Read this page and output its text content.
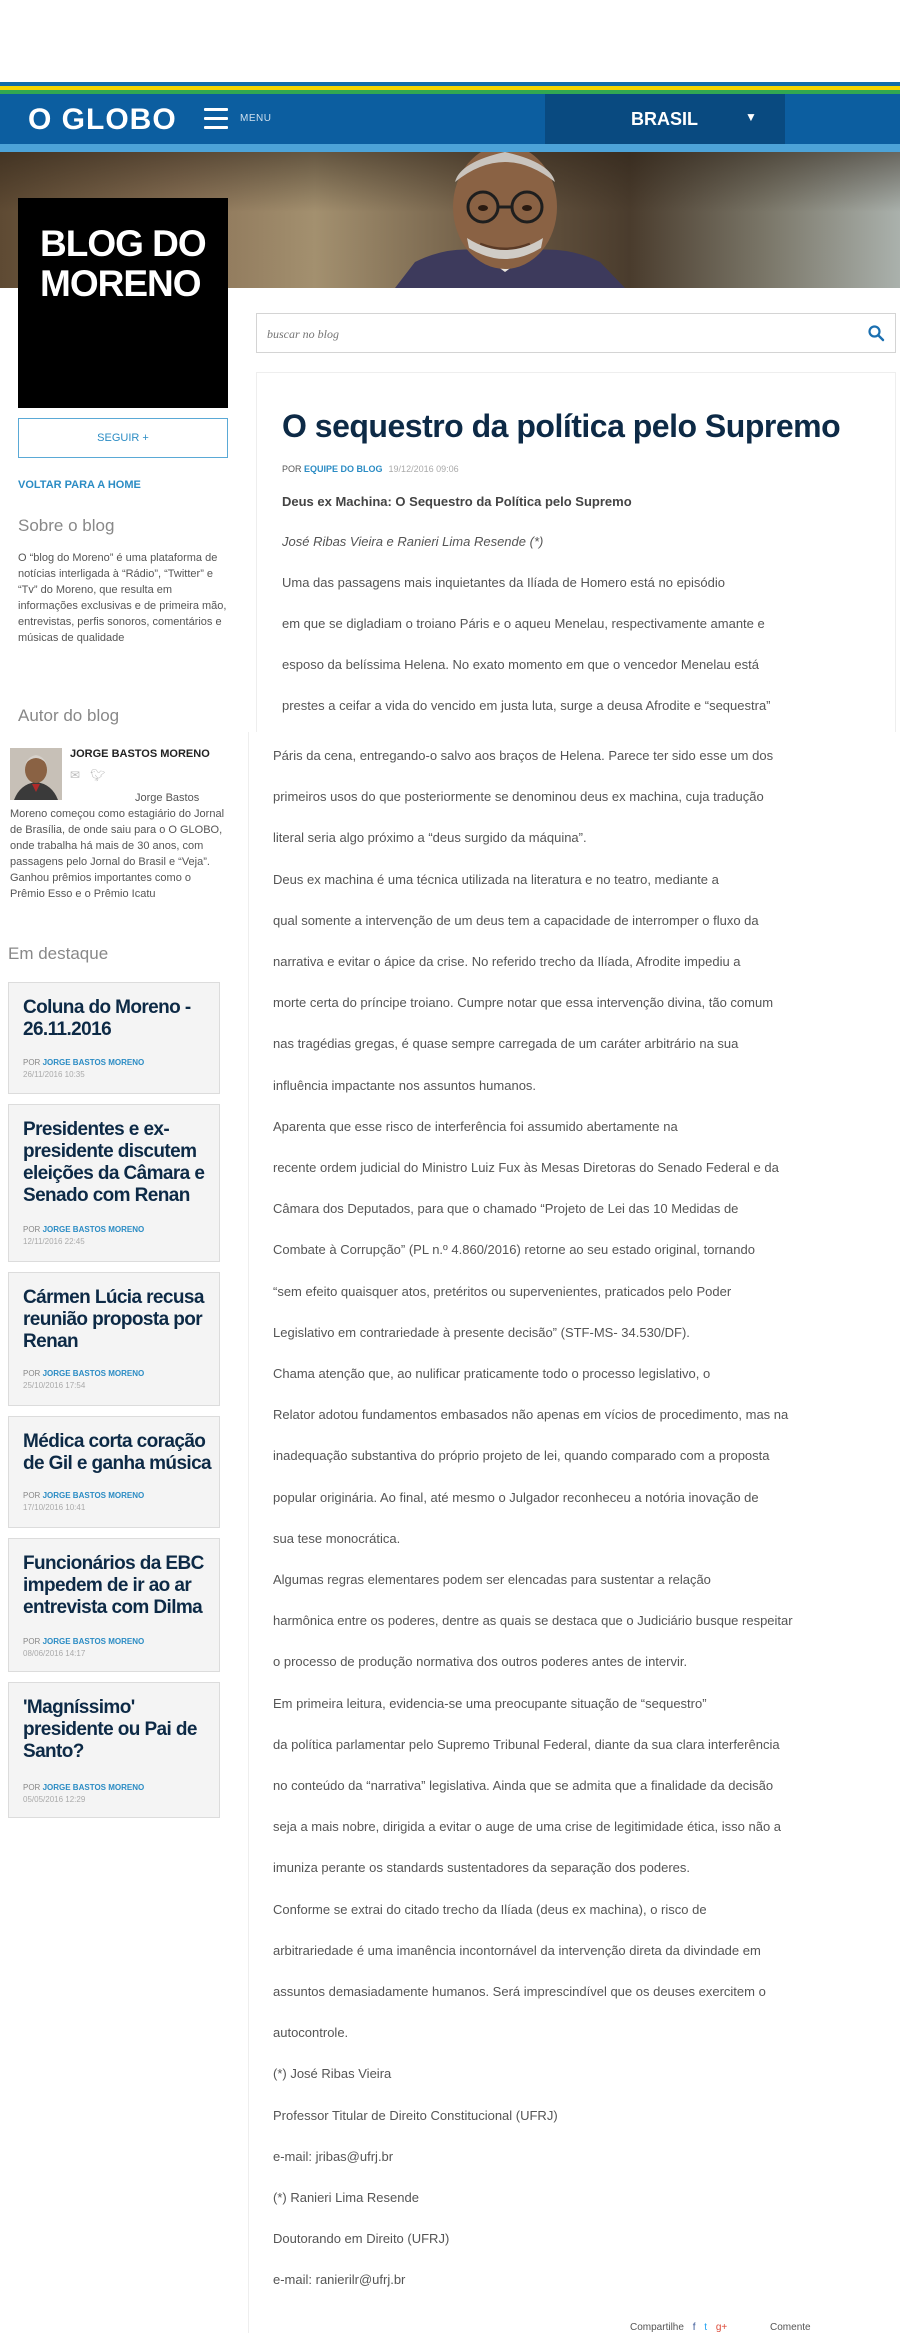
O GLOBO	MENU	BRASIL	▼
BLOG DO
MORENO
buscar no blog
SEGUIR +
VOLTAR PARA A HOME
Sobre o blog
O “blog do Moreno” é uma plataforma de notícias interligada à “Rádio”, “Twitter” e “Tv” do Moreno, que resulta em informações exclusivas e de primeira mão, entrevistas, perfis sonoros, comentários e músicas de qualidade
Autor do blog
JORGE BASTOS MORENO
✉ 🐦︎
Jorge Bastos Moreno começou como estagiário do Jornal de Brasília, de onde saiu para o O GLOBO, onde trabalha há mais de 30 anos, com passagens pelo Jornal do Brasil e “Veja”. Ganhou prêmios importantes como o Prêmio Esso e o Prêmio Icatu
Em destaque
Coluna do Moreno - 26.11.2016
POR JORGE BASTOS MORENO
26/11/2016 10:35
Presidentes e ex-presidente discutem eleições da Câmara e Senado com Renan
POR JORGE BASTOS MORENO
12/11/2016 22:45
Cármen Lúcia recusa reunião proposta por Renan
POR JORGE BASTOS MORENO
25/10/2016 17:54
Médica corta coração de Gil e ganha música
POR JORGE BASTOS MORENO
17/10/2016 10:41
Funcionários da EBC impedem de ir ao ar entrevista com Dilma
POR JORGE BASTOS MORENO
08/06/2016 14:17
'Magníssimo' presidente ou Pai de Santo?
POR JORGE BASTOS MORENO
05/05/2016 12:29
O sequestro da política pelo Supremo
POR EQUIPE DO BLOG 19/12/2016 09:06
Deus ex Machina: O Sequestro da Política pelo Supremo
José Ribas Vieira e Ranieri Lima Resende (*)
Uma das passagens mais inquietantes da Ilíada de Homero está no episódio
em que se digladiam o troiano Páris e o aqueu Menelau, respectivamente amante e
esposo da belíssima Helena. No exato momento em que o vencedor Menelau está
prestes a ceifar a vida do vencido em justa luta, surge a deusa Afrodite e “sequestra”
Páris da cena, entregando-o salvo aos braços de Helena. Parece ter sido esse um dos
primeiros usos do que posteriormente se denominou deus ex machina, cuja tradução
literal seria algo próximo a “deus surgido da máquina”.
Deus ex machina é uma técnica utilizada na literatura e no teatro, mediante a
qual somente a intervenção de um deus tem a capacidade de interromper o fluxo da
narrativa e evitar o ápice da crise. No referido trecho da Ilíada, Afrodite impediu a
morte certa do príncipe troiano. Cumpre notar que essa intervenção divina, tão comum
nas tragédias gregas, é quase sempre carregada de um caráter arbitrário na sua
influência impactante nos assuntos humanos.
Aparenta que esse risco de interferência foi assumido abertamente na
recente ordem judicial do Ministro Luiz Fux às Mesas Diretoras do Senado Federal e da
Câmara dos Deputados, para que o chamado “Projeto de Lei das 10 Medidas de
Combate à Corrupção” (PL n.º 4.860/2016) retorne ao seu estado original, tornando
“sem efeito quaisquer atos, pretéritos ou supervenientes, praticados pelo Poder
Legislativo em contrariedade à presente decisão” (STF-MS- 34.530/DF).
Chama atenção que, ao nulificar praticamente todo o processo legislativo, o
Relator adotou fundamentos embasados não apenas em vícios de procedimento, mas na
inadequação substantiva do próprio projeto de lei, quando comparado com a proposta
popular originária. Ao final, até mesmo o Julgador reconheceu a notória inovação de
sua tese monocrática.
Algumas regras elementares podem ser elencadas para sustentar a relação
harmônica entre os poderes, dentre as quais se destaca que o Judiciário busque respeitar
o processo de produção normativa dos outros poderes antes de intervir.
Em primeira leitura, evidencia-se uma preocupante situação de “sequestro”
da política parlamentar pelo Supremo Tribunal Federal, diante da sua clara interferência
no conteúdo da “narrativa” legislativa. Ainda que se admita que a finalidade da decisão
seja a mais nobre, dirigida a evitar o auge de uma crise de legitimidade ética, isso não a
imuniza perante os standards sustentadores da separação dos poderes.
Conforme se extrai do citado trecho da Ilíada (deus ex machina), o risco de
arbitrariedade é uma imanência incontornável da intervenção direta da divindade em
assuntos demasiadamente humanos. Será imprescindível que os deuses exercitem o
autocontrole.
(*) José Ribas Vieira
Professor Titular de Direito Constitucional (UFRJ)
e-mail: jribas@ufrj.br
(*) Ranieri Lima Resende
Doutorando em Direito (UFRJ)
e-mail: ranierilr@ufrj.br
Compartilhe f t g+	Comente
